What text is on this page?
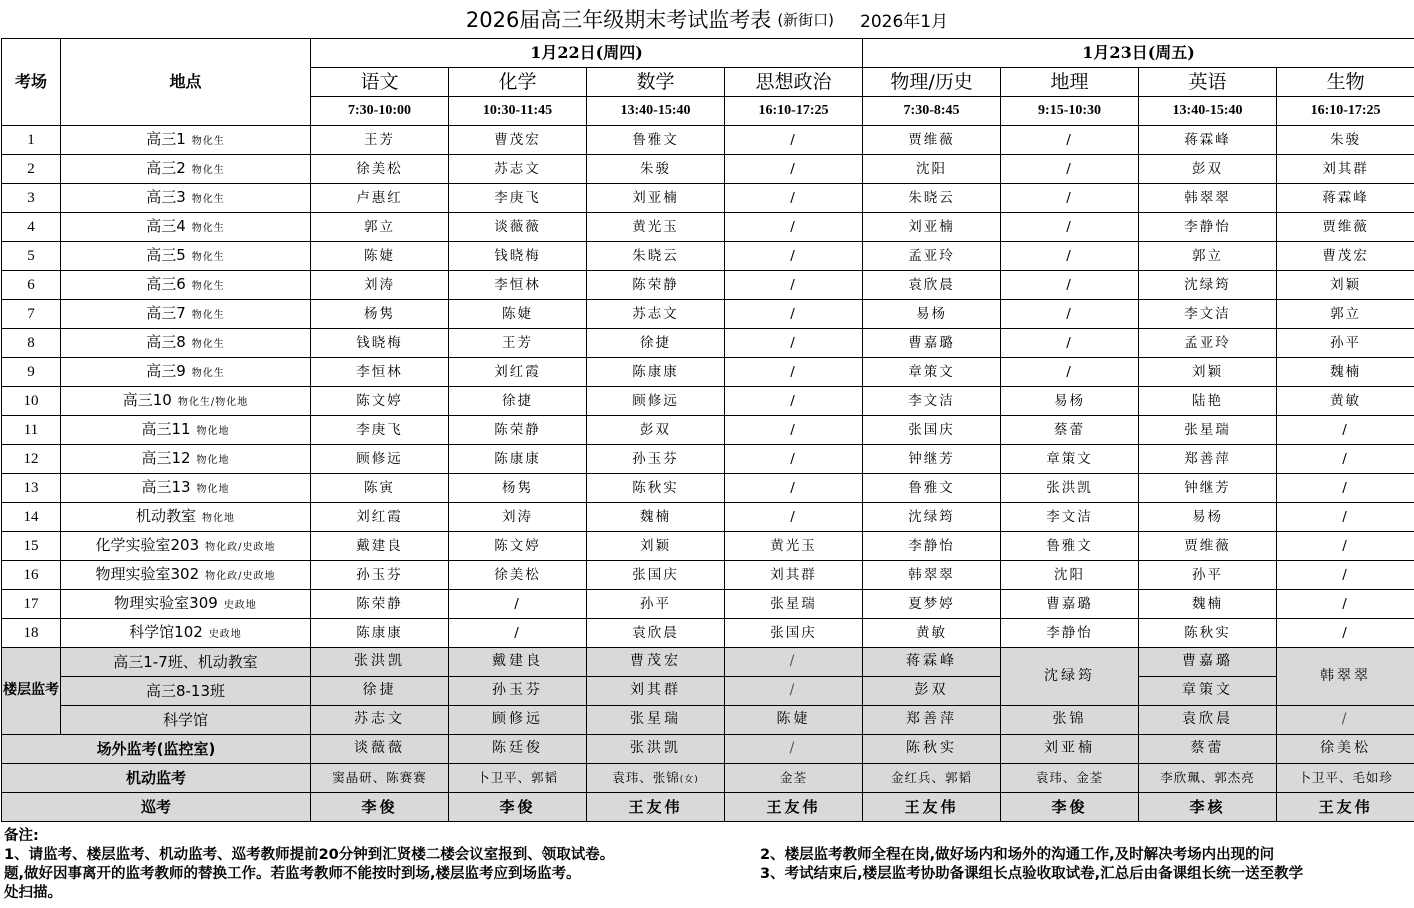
2026届高三年级期末考试监考表 (新街口) 2026年1月
考场	地点	1月22日(周四)				1月23日(周五)			
		语文	化学	数学	思想政治	物理/历史	地理	英语	生物
		7:30-10:00	10:30-11:45	13:40-15:40	16:10-17:25	7:30-8:45	9:15-10:30	13:40-15:40	16:10-17:25
1	高三1 物化生	王芳	曹茂宏	鲁雅文	/	贾维薇	/	蒋霖峰	朱骏
2	高三2 物化生	徐美松	苏志文	朱骏	/	沈阳	/	彭双	刘其群
3	高三3 物化生	卢惠红	李庚飞	刘亚楠	/	朱晓云	/	韩翠翠	蒋霖峰
4	高三4 物化生	郭立	谈薇薇	黄光玉	/	刘亚楠	/	李静怡	贾维薇
5	高三5 物化生	陈婕	钱晓梅	朱晓云	/	孟亚玲	/	郭立	曹茂宏
6	高三6 物化生	刘涛	李恒林	陈荣静	/	袁欣晨	/	沈绿筠	刘颖
7	高三7 物化生	杨隽	陈婕	苏志文	/	易杨	/	李文洁	郭立
8	高三8 物化生	钱晓梅	王芳	徐捷	/	曹嘉璐	/	孟亚玲	孙平
9	高三9 物化生	李恒林	刘红霞	陈康康	/	章策文	/	刘颖	魏楠
10	高三10 物化生/物化地	陈文婷	徐捷	顾修远	/	李文洁	易杨	陆艳	黄敏
11	高三11 物化地	李庚飞	陈荣静	彭双	/	张国庆	蔡蕾	张星瑞	/
12	高三12 物化地	顾修远	陈康康	孙玉芬	/	钟继芳	章策文	郑善萍	/
13	高三13 物化地	陈寅	杨隽	陈秋实	/	鲁雅文	张洪凯	钟继芳	/
14	机动教室 物化地	刘红霞	刘涛	魏楠	/	沈绿筠	李文洁	易杨	/
15	化学实验室203 物化政/史政地	戴建良	陈文婷	刘颖	黄光玉	李静怡	鲁雅文	贾维薇	/
16	物理实验室302 物化政/史政地	孙玉芬	徐美松	张国庆	刘其群	韩翠翠	沈阳	孙平	/
17	物理实验室309 史政地	陈荣静	/	孙平	张星瑞	夏梦婷	曹嘉璐	魏楠	/
18	科学馆102 史政地	陈康康	/	袁欣晨	张国庆	黄敏	李静怡	陈秋实	/
楼层监考	高三1-7班、机动教室	张洪凯	戴建良	曹茂宏	/	蒋霖峰	沈绿筠	曹嘉璐	韩翠翠
	高三8-13班	徐捷	孙玉芬	刘其群	/	彭双		章策文	
	科学馆	苏志文	顾修远	张星瑞	陈婕	郑善萍	张锦	袁欣晨	/
场外监考(监控室)		谈薇薇	陈廷俊	张洪凯	/	陈秋实	刘亚楠	蔡蕾	徐美松
机动监考		窦晶研、陈赛赛	卜卫平、郭韬	袁玮、张锦(女)	金荃	金红兵、郭韬	袁玮、金荃	李欣珮、郭杰亮	卜卫平、毛如珍
巡考		李俊	李俊	王友伟	王友伟	王友伟	李俊	李核	王友伟
备注:
1、请监考、楼层监考、机动监考、巡考教师提前20分钟到汇贤楼二楼会议室报到、领取试卷。	2、楼层监考教师全程在岗,做好场内和场外的沟通工作,及时解决考场内出现的问
题,做好因事离开的监考教师的替换工作。若监考教师不能按时到场,楼层监考应到场监考。	3、考试结束后,楼层监考协助备课组长点验收取试卷,汇总后由备课组长统一送至教学
处扫描。
